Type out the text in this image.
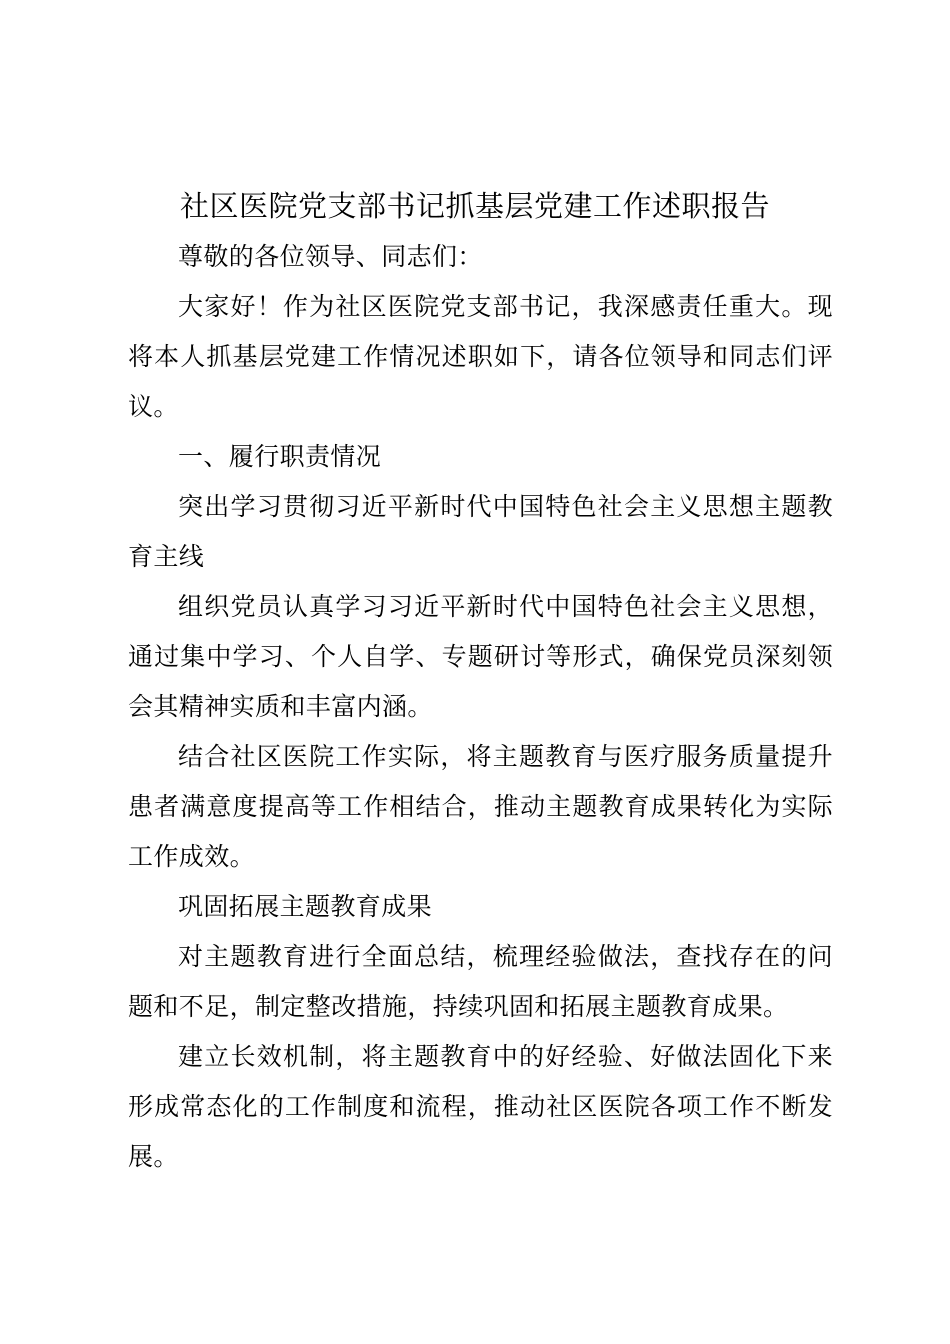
社区医院党支部书记抓基层党建工作述职报告

尊敬的各位领导、同志们：

大家好！作为社区医院党支部书记，我深感责任重大。现将本人抓基层党建工作情况述职如下，请各位领导和同志们评议。

一、履行职责情况

突出学习贯彻习近平新时代中国特色社会主义思想主题教育主线

组织党员认真学习习近平新时代中国特色社会主义思想，通过集中学习、个人自学、专题研讨等形式，确保党员深刻领会其精神实质和丰富内涵。

结合社区医院工作实际，将主题教育与医疗服务质量提升患者满意度提高等工作相结合，推动主题教育成果转化为实际工作成效。

巩固拓展主题教育成果

对主题教育进行全面总结，梳理经验做法，查找存在的问题和不足，制定整改措施，持续巩固和拓展主题教育成果。

建立长效机制，将主题教育中的好经验、好做法固化下来形成常态化的工作制度和流程，推动社区医院各项工作不断发展。
